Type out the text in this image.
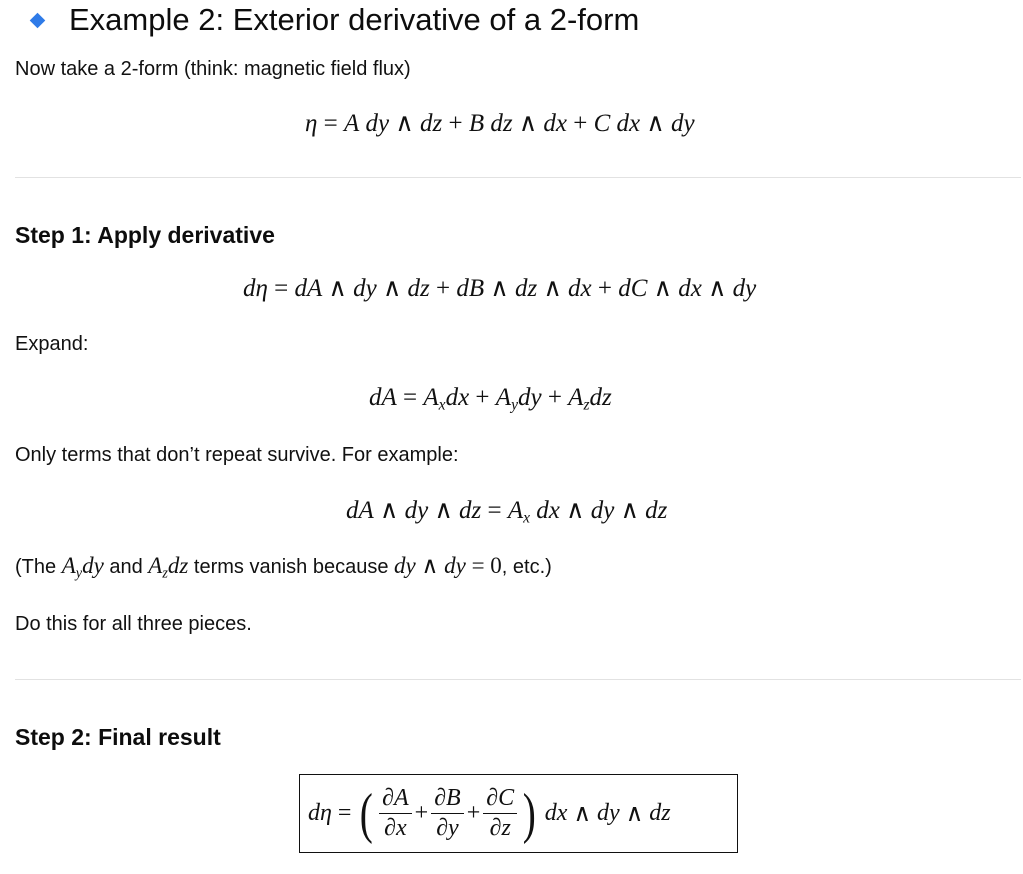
Example 2: Exterior derivative of a 2-form
Now take a 2-form (think: magnetic field flux)
η = A dy ∧ dz + B dz ∧ dx + C dx ∧ dy
Step 1: Apply derivative
dη = dA ∧ dy ∧ dz + dB ∧ dz ∧ dx + dC ∧ dx ∧ dy
Expand:
dA = $A_xdx + A_ydy + A_zdz$
Only terms that don’t repeat survive. For example:
dA ∧ dy ∧ dz = $A_x$ dx ∧ dy ∧ dz
(The $A_ydy$ and $A_zdz$ terms vanish because dy ∧ dy = 0, etc.)
Do this for all three pieces.
Step 2: Final result
dη = ( $\frac{\partial A}{\partial x} + \frac{\partial B}{\partial y} + \frac{\partial C}{\partial z}$ )
dx ∧ dy ∧ dz
